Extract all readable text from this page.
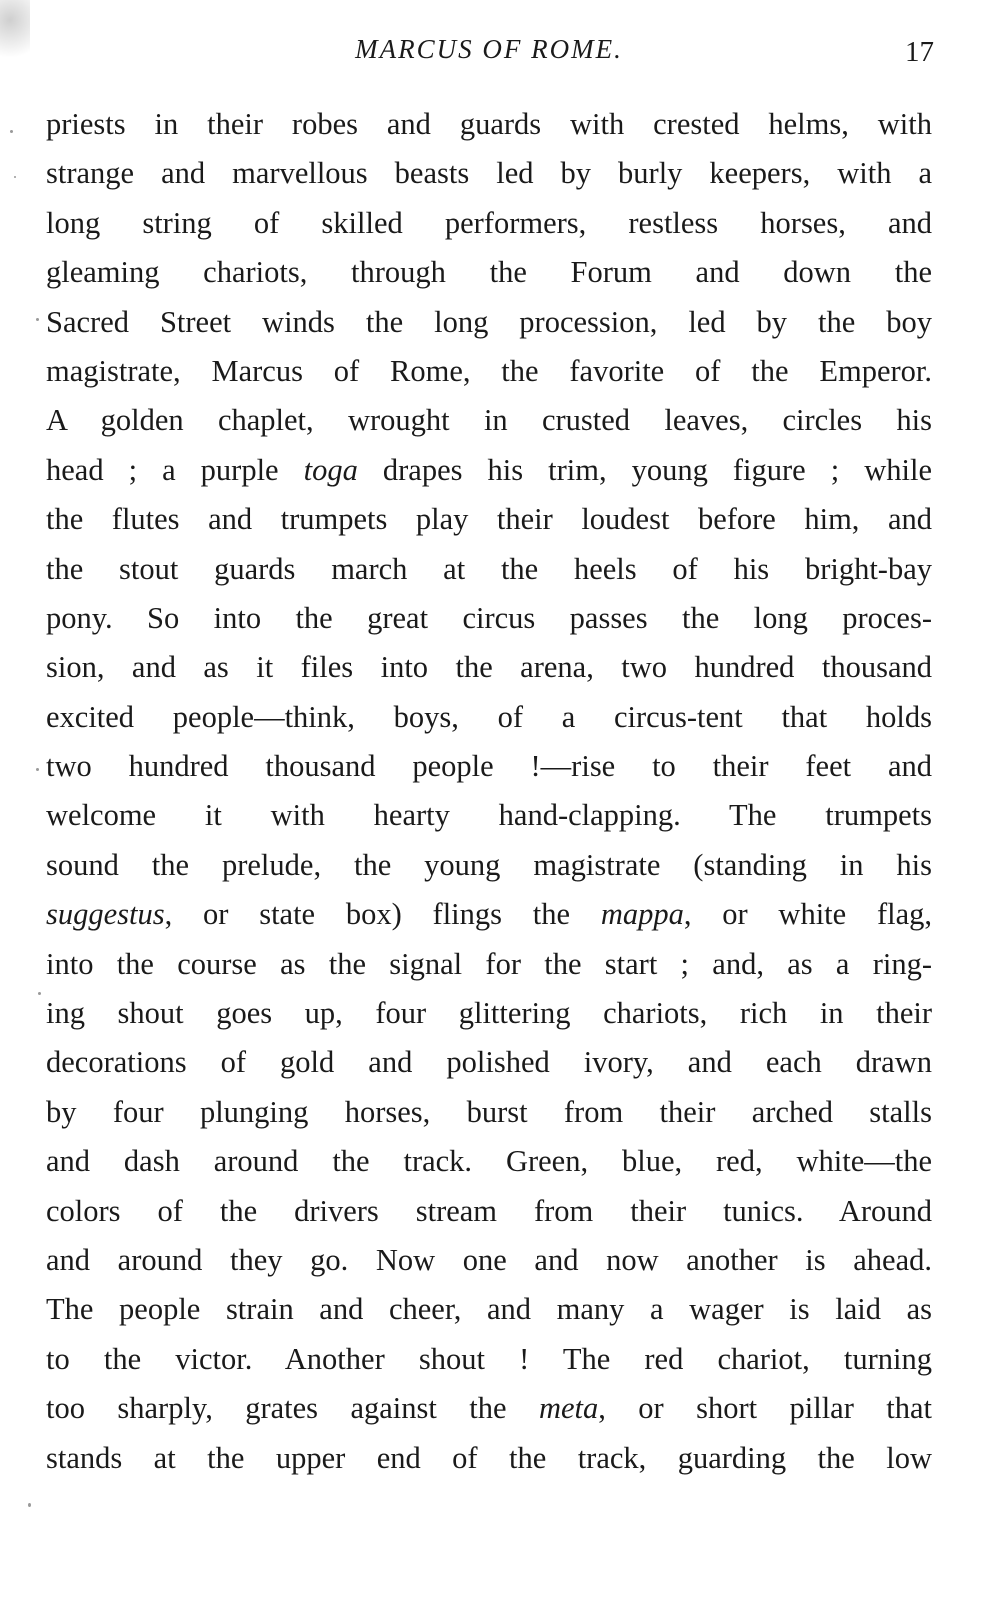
MARCUS OF ROME.	17
priests in their robes and guards with crested helms, with
strange and marvellous beasts led by burly keepers, with a
long string of skilled performers, restless horses, and
gleaming chariots, through the Forum and down the
Sacred Street winds the long procession, led by the boy
magistrate, Marcus of Rome, the favorite of the Emperor.
A golden chaplet, wrought in crusted leaves, circles his
head ; a purple toga drapes his trim, young figure ; while
the flutes and trumpets play their loudest before him, and
the stout guards march at the heels of his bright-bay
pony. So into the great circus passes the long proces-
sion, and as it files into the arena, two hundred thousand
excited people—think, boys, of a circus-tent that holds
two hundred thousand people !—rise to their feet and
welcome it with hearty hand-clapping. The trumpets
sound the prelude, the young magistrate (standing in his
suggestus, or state box) flings the mappa, or white flag,
into the course as the signal for the start ; and, as a ring-
ing shout goes up, four glittering chariots, rich in their
decorations of gold and polished ivory, and each drawn
by four plunging horses, burst from their arched stalls
and dash around the track. Green, blue, red, white—the
colors of the drivers stream from their tunics. Around
and around they go. Now one and now another is ahead.
The people strain and cheer, and many a wager is laid as
to the victor. Another shout ! The red chariot, turning
too sharply, grates against the meta, or short pillar that
stands at the upper end of the track, guarding the low
